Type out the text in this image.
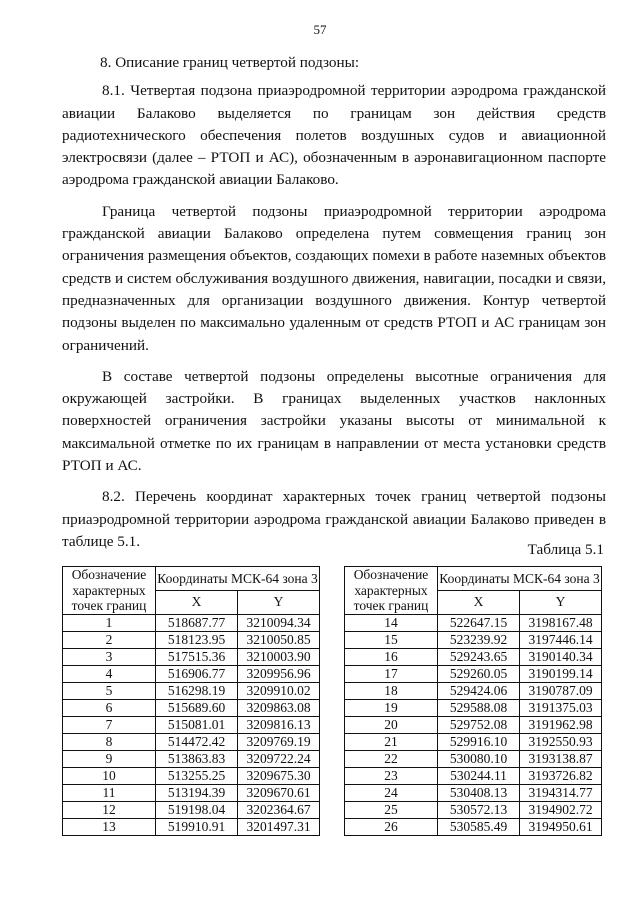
57

8. Описание границ четвертой подзоны:

8.1. Четвертая подзона приаэродромной территории аэродрома гражданской авиации Балаково выделяется по границам зон действия средств радиотехнического обеспечения полетов воздушных судов и авиационной электросвязи (далее – РТОП и АС), обозначенным в аэронавигационном паспорте аэродрома гражданской авиации Балаково.

Граница четвертой подзоны приаэродромной территории аэродрома гражданской авиации Балаково определена путем совмещения границ зон ограничения размещения объектов, создающих помехи в работе наземных объектов средств и систем обслуживания воздушного движения, навигации, посадки и связи, предназначенных для организации воздушного движения. Контур четвертой подзоны выделен по максимально удаленным от средств РТОП и АС границам зон ограничений.

В составе четвертой подзоны определены высотные ограничения для окружающей застройки. В границах выделенных участков наклонных поверхностей ограничения застройки указаны высоты от минимальной к максимальной отметке по их границам в направлении от места установки средств РТОП и АС.

8.2. Перечень координат характерных точек границ четвертой подзоны приаэродромной территории аэродрома гражданской авиации Балаково приведен в таблице 5.1.	Таблица 5.1
Обозначение характерных точек границ	Координаты МСК-64 зона 3	
	X	Y
1	518687.77	3210094.34
2	518123.95	3210050.85
3	517515.36	3210003.90
4	516906.77	3209956.96
5	516298.19	3209910.02
6	515689.60	3209863.08
7	515081.01	3209816.13
8	514472.42	3209769.19
9	513863.83	3209722.24
10	513255.25	3209675.30
11	513194.39	3209670.61
12	519198.04	3202364.67
13	519910.91	3201497.31
Обозначение характерных точек границ	Координаты МСК-64 зона 3	
	X	Y
14	522647.15	3198167.48
15	523239.92	3197446.14
16	529243.65	3190140.34
17	529260.05	3190199.14
18	529424.06	3190787.09
19	529588.08	3191375.03
20	529752.08	3191962.98
21	529916.10	3192550.93
22	530080.10	3193138.87
23	530244.11	3193726.82
24	530408.13	3194314.77
25	530572.13	3194902.72
26	530585.49	3194950.61
